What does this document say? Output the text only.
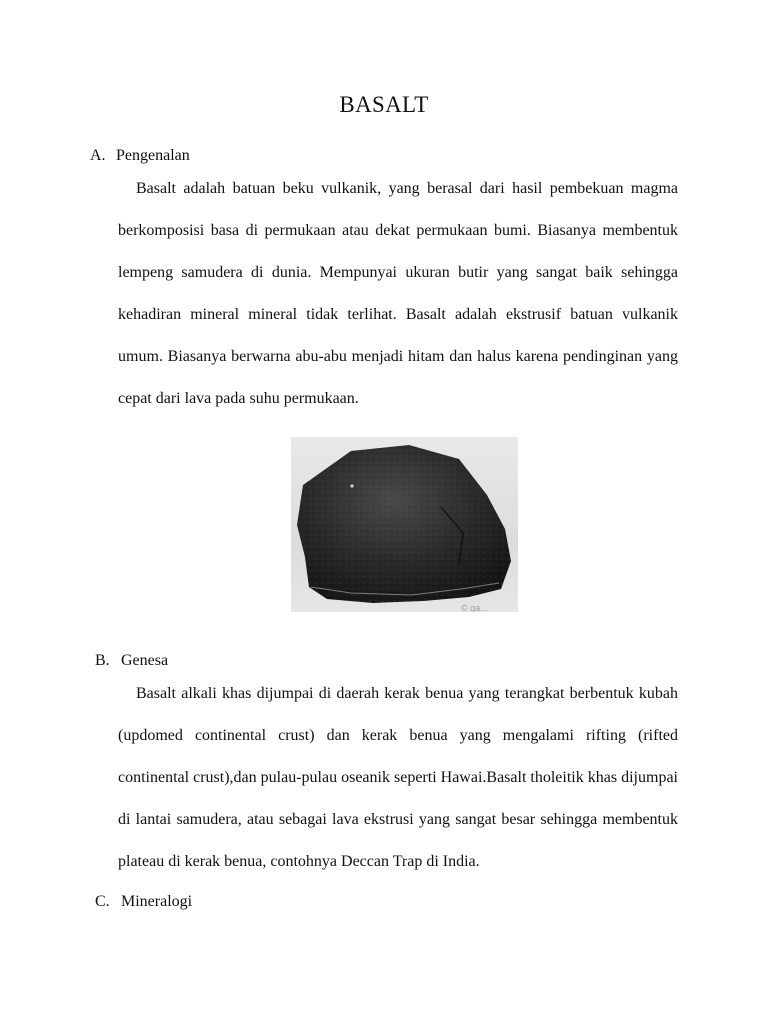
BASALT
A. Pengenalan

Basalt adalah batuan beku vulkanik, yang berasal dari hasil pembekuan magma berkomposisi basa di permukaan atau dekat permukaan bumi. Biasanya membentuk lempeng samudera di dunia. Mempunyai ukuran butir yang sangat baik sehingga kehadiran mineral mineral tidak terlihat. Basalt adalah ekstrusif batuan vulkanik umum. Biasanya berwarna abu-abu menjadi hitam dan halus karena pendinginan yang cepat dari lava pada suhu permukaan.

© ga...
B. Genesa

Basalt alkali khas dijumpai di daerah kerak benua yang terangkat berbentuk kubah (updomed continental crust) dan kerak benua yang mengalami rifting (rifted continental crust),dan pulau-pulau oseanik seperti Hawai.Basalt tholeitik khas dijumpai di lantai samudera, atau sebagai lava ekstrusi yang sangat besar sehingga membentuk plateau di kerak benua, contohnya Deccan Trap di India.

C. Mineralogi
